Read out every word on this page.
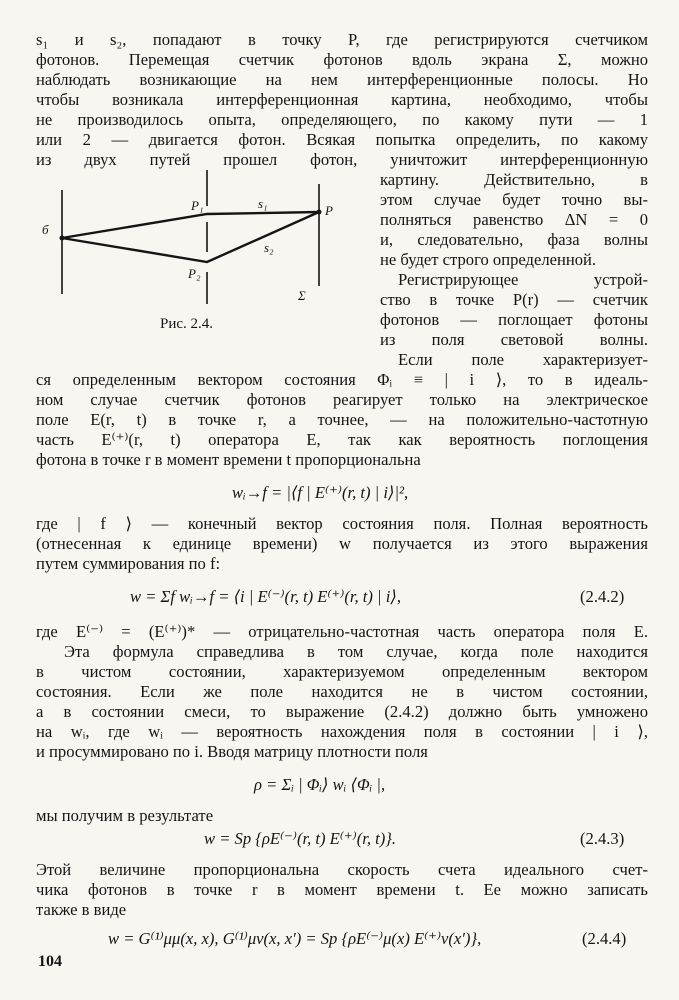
s₁ и s₂, попадают в точку P, где регистрируются счетчиком
фотонов. Перемещая счетчик фотонов вдоль экрана Σ, можно
наблюдать возникающие на нем интерференционные полосы. Но
чтобы возникала интерференционная картина, необходимо, чтобы
не производилось опыта, определяющего, по какому пути — 1
или 2 — двигается фотон. Всякая попытка определить, по какому
из двух путей прошел фотон, уничтожит интерференционную
картину. Действительно, в
этом случае будет точно вы-
полняться равенство ΔN = 0
и, следовательно, фаза волны
не будет строго определенной.
Регистрирующее устрой-
ство в точке P(r) — счетчик
фотонов — поглощает фотоны
из поля световой волны.
Если поле характеризует-
ся определенным вектором состояния Φᵢ ≡ | i ⟩, то в идеаль-
ном случае счетчик фотонов реагирует только на электрическое
поле E(r, t) в точке r, а точнее, — на положительно-частотную
часть E⁽⁺⁾(r, t) оператора E, так как вероятность поглощения
фотона в точке r в момент времени t пропорциональна
wᵢ→f = |⟨f | E⁽⁺⁾(r, t) | i⟩|²,
где | f ⟩ — конечный вектор состояния поля. Полная вероятность
(отнесенная к единице времени) w получается из этого выражения
путем суммирования по f:
w = Σf wᵢ→f = ⟨i | E⁽⁻⁾(r, t) E⁽⁺⁾(r, t) | i⟩,	(2.4.2)
где E⁽⁻⁾ = (E⁽⁺⁾)* — отрицательно-частотная часть оператора поля E.
Эта формула справедлива в том случае, когда поле находится
в чистом состоянии, характеризуемом определенным вектором
состояния. Если же поле находится не в чистом состоянии,
а в состоянии смеси, то выражение (2.4.2) должно быть умножено
на wᵢ, где wᵢ — вероятность нахождения поля в состоянии | i ⟩,
и просуммировано по i. Вводя матрицу плотности поля
ρ = Σᵢ | Φᵢ⟩ wᵢ ⟨Φᵢ |,
мы получим в результате
w = Sp {ρE⁽⁻⁾(r, t) E⁽⁺⁾(r, t)}.	(2.4.3)
Этой величине пропорциональна скорость счета идеального счет-
чика фотонов в точке r в момент времени t. Ее можно записать
также в виде
w = G⁽¹⁾μμ(x, x), G⁽¹⁾μν(x, x′) = Sp {ρE⁽⁻⁾μ(x) E⁽⁺⁾ν(x′)},	(2.4.4)
б
P₁
P₂
s₁
s₂
P
Σ
Рис. 2.4.
104
